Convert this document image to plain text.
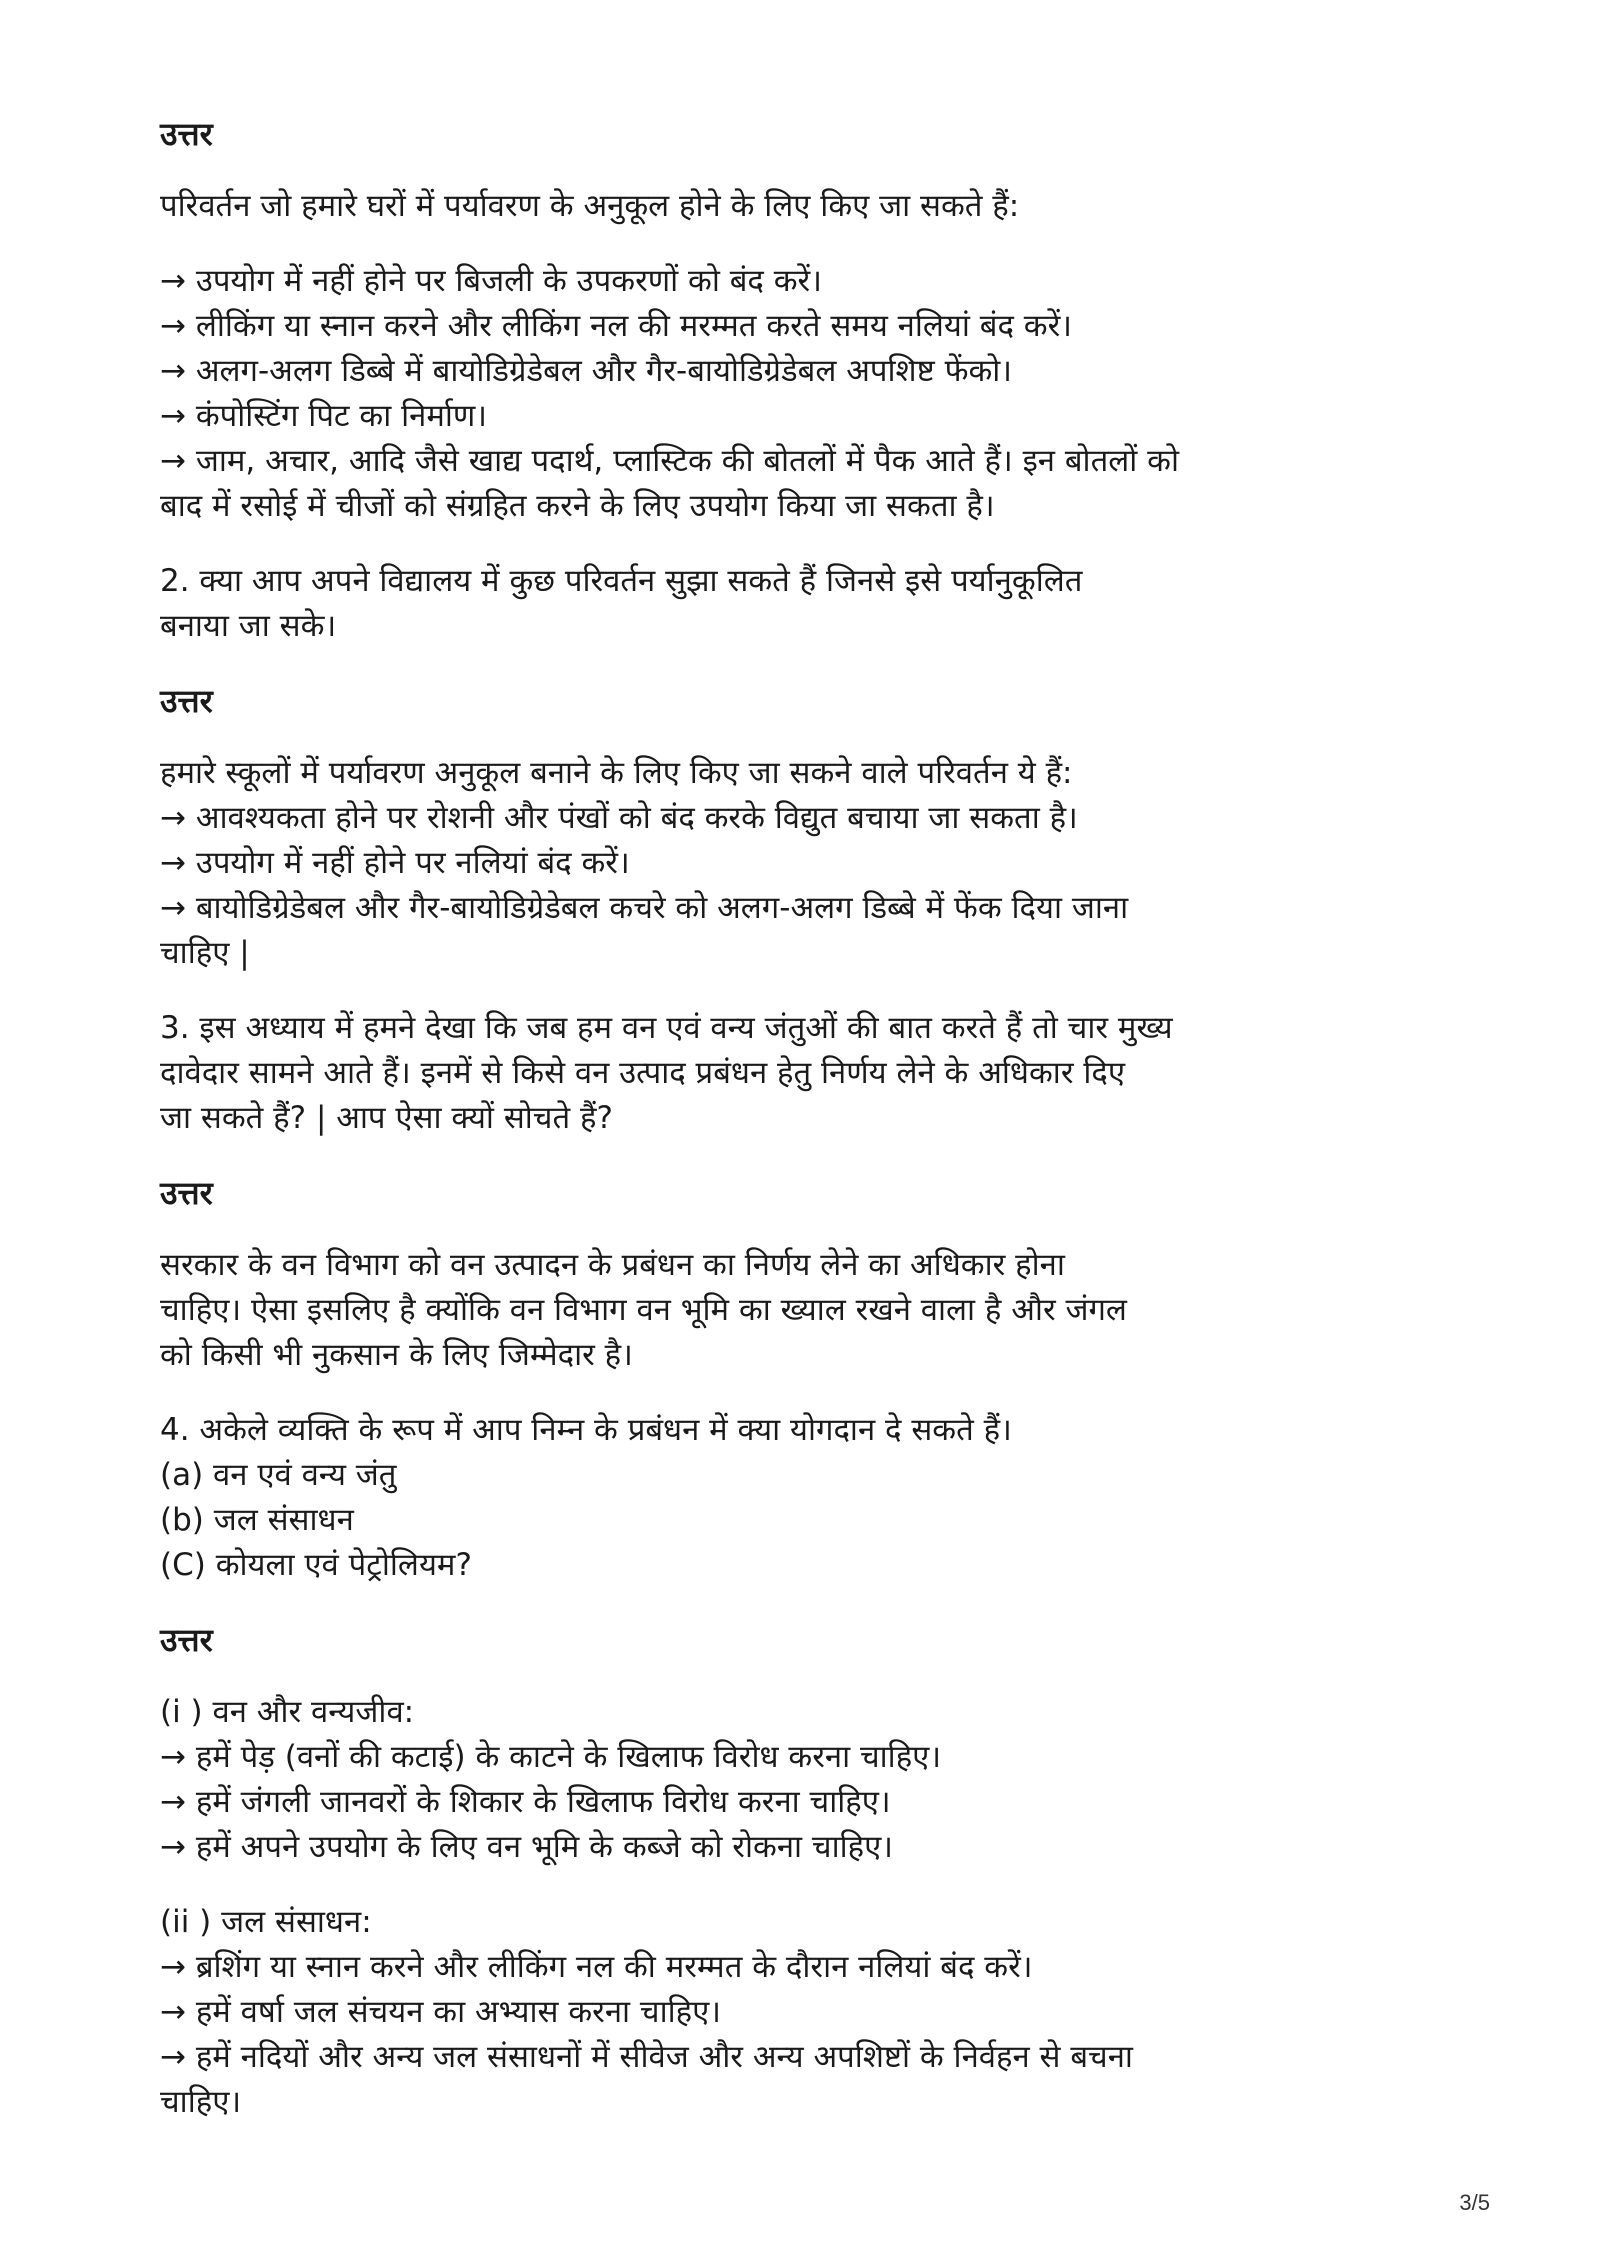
उत्तर
परिवर्तन जो हमारे घरों में पर्यावरण के अनुकूल होने के लिए किए जा सकते हैं:
→ उपयोग में नहीं होने पर बिजली के उपकरणों को बंद करें।
→ लीकिंग या स्नान करने और लीकिंग नल की मरम्मत करते समय नलियां बंद करें।
→ अलग-अलग डिब्बे में बायोडिग्रेडेबल और गैर-बायोडिग्रेडेबल अपशिष्ट फेंको।
→ कंपोस्टिंग पिट का निर्माण।
→ जाम, अचार, आदि जैसे खाद्य पदार्थ, प्लास्टिक की बोतलों में पैक आते हैं। इन बोतलों को
बाद में रसोई में चीजों को संग्रहित करने के लिए उपयोग किया जा सकता है।
2. क्या आप अपने विद्यालय में कुछ परिवर्तन सुझा सकते हैं जिनसे इसे पर्यानुकूलित
बनाया जा सके।
उत्तर
हमारे स्कूलों में पर्यावरण अनुकूल बनाने के लिए किए जा सकने वाले परिवर्तन ये हैं:
→ आवश्यकता होने पर रोशनी और पंखों को बंद करके विद्युत बचाया जा सकता है।
→ उपयोग में नहीं होने पर नलियां बंद करें।
→ बायोडिग्रेडेबल और गैर-बायोडिग्रेडेबल कचरे को अलग-अलग डिब्बे में फेंक दिया जाना
चाहिए |
3. इस अध्याय में हमने देखा कि जब हम वन एवं वन्य जंतुओं की बात करते हैं तो चार मुख्य
दावेदार सामने आते हैं। इनमें से किसे वन उत्पाद प्रबंधन हेतु निर्णय लेने के अधिकार दिए
जा सकते हैं? | आप ऐसा क्यों सोचते हैं?
उत्तर
सरकार के वन विभाग को वन उत्पादन के प्रबंधन का निर्णय लेने का अधिकार होना
चाहिए। ऐसा इसलिए है क्योंकि वन विभाग वन भूमि का ख्याल रखने वाला है और जंगल
को किसी भी नुकसान के लिए जिम्मेदार है।
4. अकेले व्यक्ति के रूप में आप निम्न के प्रबंधन में क्या योगदान दे सकते हैं।
(a) वन एवं वन्य जंतु
(b) जल संसाधन
(C) कोयला एवं पेट्रोलियम?
उत्तर
(i ) वन और वन्यजीव:
→ हमें पेड़ (वनों की कटाई) के काटने के खिलाफ विरोध करना चाहिए।
→ हमें जंगली जानवरों के शिकार के खिलाफ विरोध करना चाहिए।
→ हमें अपने उपयोग के लिए वन भूमि के कब्जे को रोकना चाहिए।
(ii ) जल संसाधन:
→ ब्रशिंग या स्नान करने और लीकिंग नल की मरम्मत के दौरान नलियां बंद करें।
→ हमें वर्षा जल संचयन का अभ्यास करना चाहिए।
→ हमें नदियों और अन्य जल संसाधनों में सीवेज और अन्य अपशिष्टों के निर्वहन से बचना
चाहिए।
3/5
